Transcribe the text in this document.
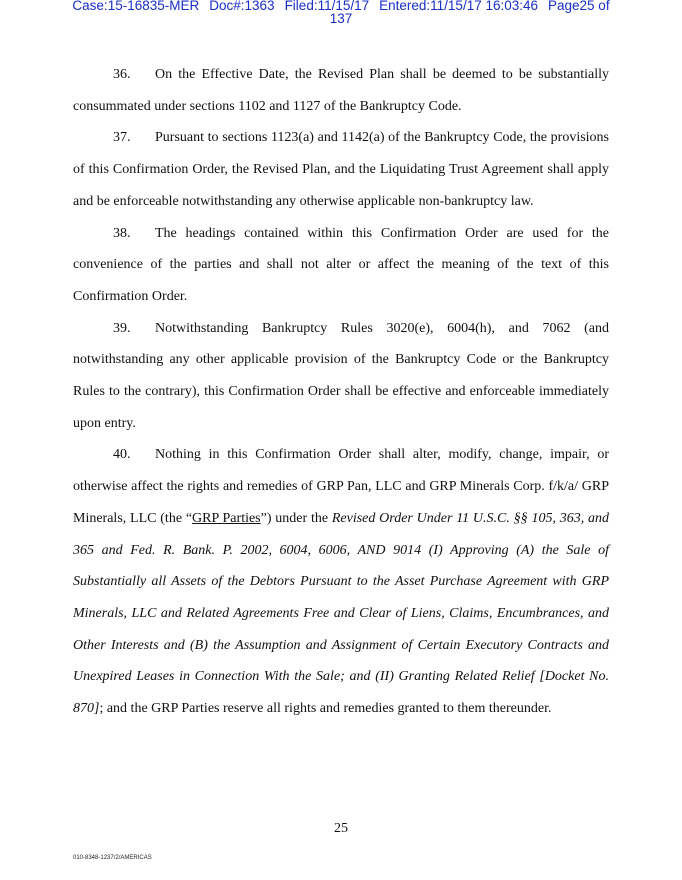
Case:15-16835-MER Doc#:1363 Filed:11/15/17 Entered:11/15/17 16:03:46 Page25 of
137

36. On the Effective Date, the Revised Plan shall be deemed to be substantially consummated under sections 1102 and 1127 of the Bankruptcy Code.

37. Pursuant to sections 1123(a) and 1142(a) of the Bankruptcy Code, the provisions of this Confirmation Order, the Revised Plan, and the Liquidating Trust Agreement shall apply and be enforceable notwithstanding any otherwise applicable non-bankruptcy law.

38. The headings contained within this Confirmation Order are used for the convenience of the parties and shall not alter or affect the meaning of the text of this Confirmation Order.

39. Notwithstanding Bankruptcy Rules 3020(e), 6004(h), and 7062 (and notwithstanding any other applicable provision of the Bankruptcy Code or the Bankruptcy Rules to the contrary), this Confirmation Order shall be effective and enforceable immediately upon entry.

40. Nothing in this Confirmation Order shall alter, modify, change, impair, or otherwise affect the rights and remedies of GRP Pan, LLC and GRP Minerals Corp. f/k/a/ GRP Minerals, LLC (the “GRP Parties”) under the Revised Order Under 11 U.S.C. §§ 105, 363, and 365 and Fed. R. Bank. P. 2002, 6004, 6006, AND 9014 (I) Approving (A) the Sale of Substantially all Assets of the Debtors Pursuant to the Asset Purchase Agreement with GRP Minerals, LLC and Related Agreements Free and Clear of Liens, Claims, Encumbrances, and Other Interests and (B) the Assumption and Assignment of Certain Executory Contracts and Unexpired Leases in Connection With the Sale; and (II) Granting Related Relief [Docket No. 870]; and the GRP Parties reserve all rights and remedies granted to them thereunder.

25
010-8348-1237/2/AMERICAS
